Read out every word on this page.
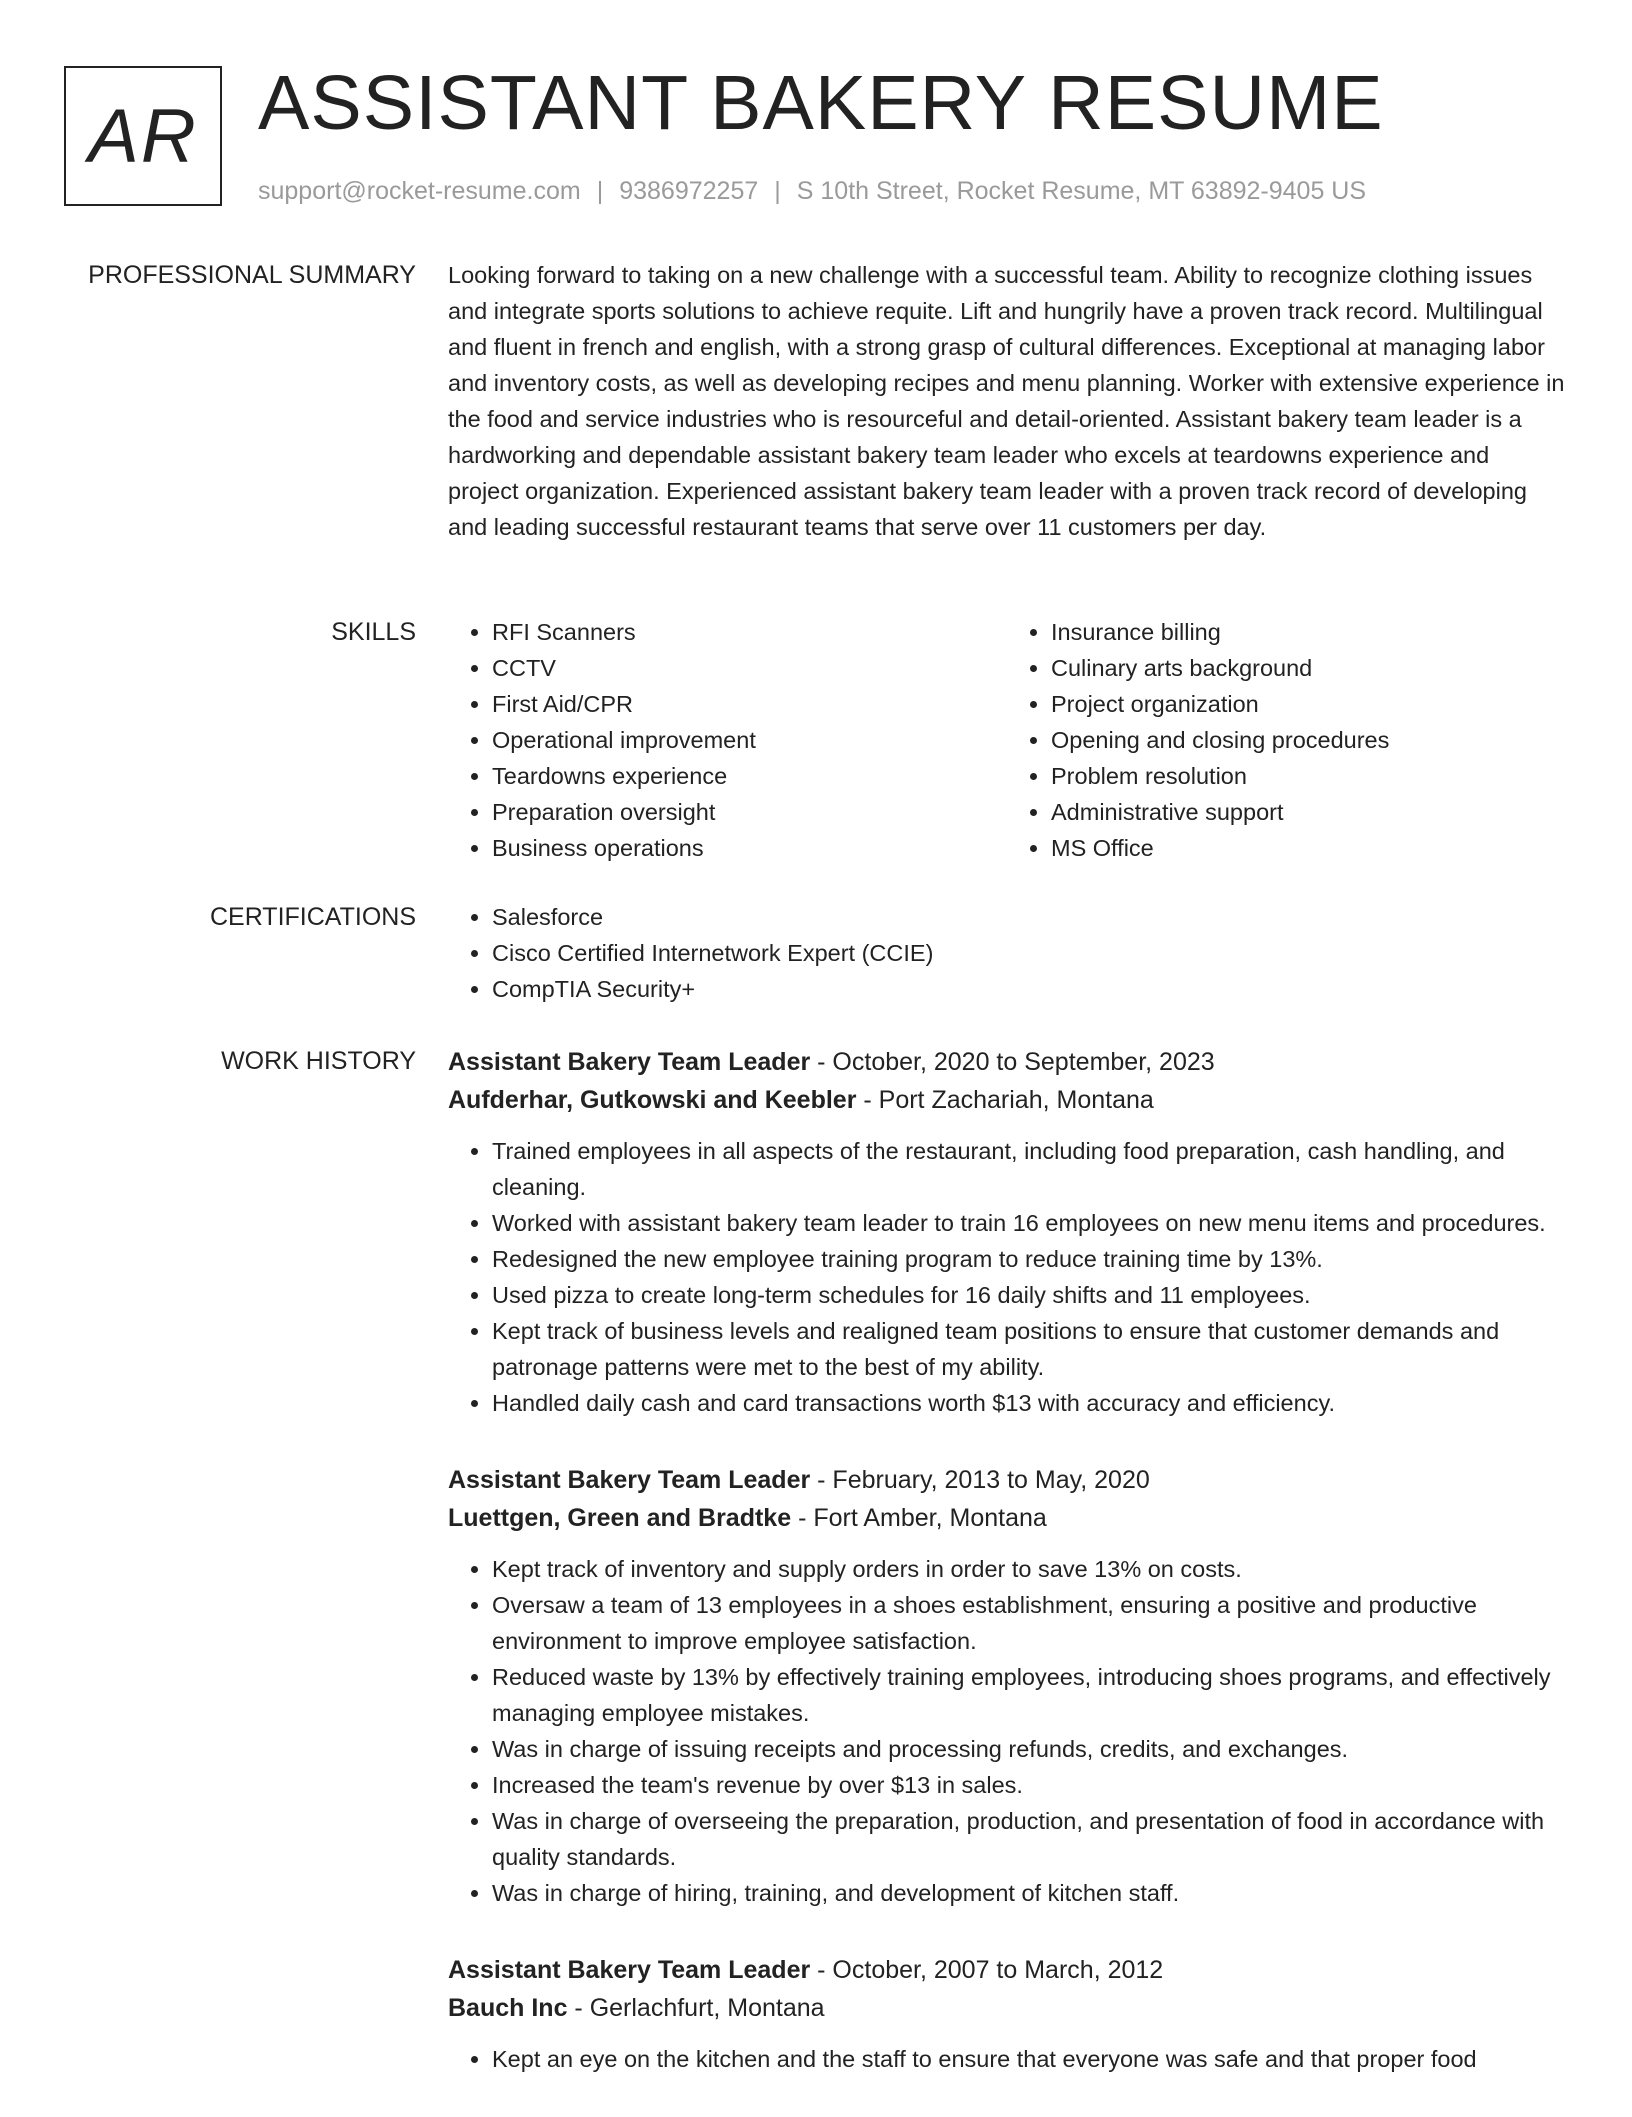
AR ASSISTANT BAKERY RESUME
support@rocket-resume.com | 9386972257 | S 10th Street, Rocket Resume, MT 63892-9405 US
PROFESSIONAL SUMMARY Looking forward to taking on a new challenge with a successful team. Ability to recognize clothing issues and integrate sports solutions to achieve requite. Lift and hungrily have a proven track record. Multilingual and fluent in french and english, with a strong grasp of cultural differences. Exceptional at managing labor and inventory costs, as well as developing recipes and menu planning. Worker with extensive experience in the food and service industries who is resourceful and detail-oriented. Assistant bakery team leader is a hardworking and dependable assistant bakery team leader who excels at teardowns experience and project organization. Experienced assistant bakery team leader with a proven track record of developing and leading successful restaurant teams that serve over 11 customers per day.

SKILLS	• RFI Scanners
• CCTV
• First Aid/CPR
• Operational improvement
• Teardowns experience
• Preparation oversight
• Business operations
• Insurance billing
• Culinary arts background
• Project organization
• Opening and closing procedures
• Problem resolution
• Administrative support
• MS Office
CERTIFICATIONS	• Salesforce
• Cisco Certified Internetwork Expert (CCIE)
• CompTIA Security+
WORK HISTORY Assistant Bakery Team Leader - October, 2020 to September, 2023
Aufderhar, Gutkowski and Keebler - Port Zachariah, Montana
• Trained employees in all aspects of the restaurant, including food preparation, cash handling, and cleaning.
• Worked with assistant bakery team leader to train 16 employees on new menu items and procedures.
• Redesigned the new employee training program to reduce training time by 13%.
• Used pizza to create long-term schedules for 16 daily shifts and 11 employees.
• Kept track of business levels and realigned team positions to ensure that customer demands and patronage patterns were met to the best of my ability.
• Handled daily cash and card transactions worth $13 with accuracy and efficiency.
Assistant Bakery Team Leader - February, 2013 to May, 2020
Luettgen, Green and Bradtke - Fort Amber, Montana
• Kept track of inventory and supply orders in order to save 13% on costs.
• Oversaw a team of 13 employees in a shoes establishment, ensuring a positive and productive environment to improve employee satisfaction.
• Reduced waste by 13% by effectively training employees, introducing shoes programs, and effectively managing employee mistakes.
• Was in charge of issuing receipts and processing refunds, credits, and exchanges.
• Increased the team's revenue by over $13 in sales.
• Was in charge of overseeing the preparation, production, and presentation of food in accordance with quality standards.
• Was in charge of hiring, training, and development of kitchen staff.
Assistant Bakery Team Leader - October, 2007 to March, 2012
Bauch Inc - Gerlachfurt, Montana
• Kept an eye on the kitchen and the staff to ensure that everyone was safe and that proper food
